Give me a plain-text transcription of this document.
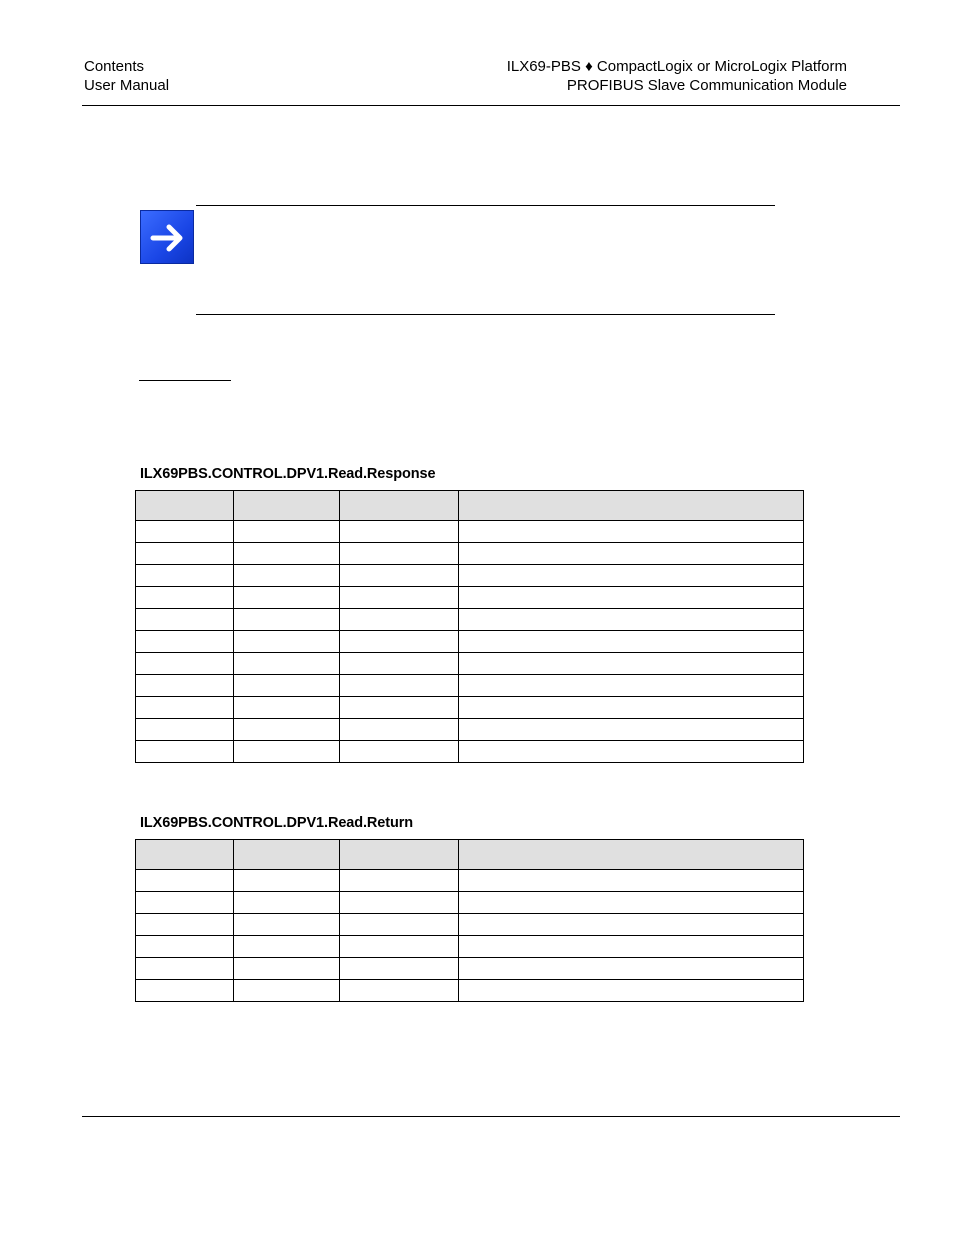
Contents
User Manual
ILX69-PBS ♦ CompactLogix or MicroLogix Platform
PROFIBUS Slave Communication Module
ILX69PBS.CONTROL.DPV1.Read.Response

ILX69PBS.CONTROL.DPV1.Read.Return
